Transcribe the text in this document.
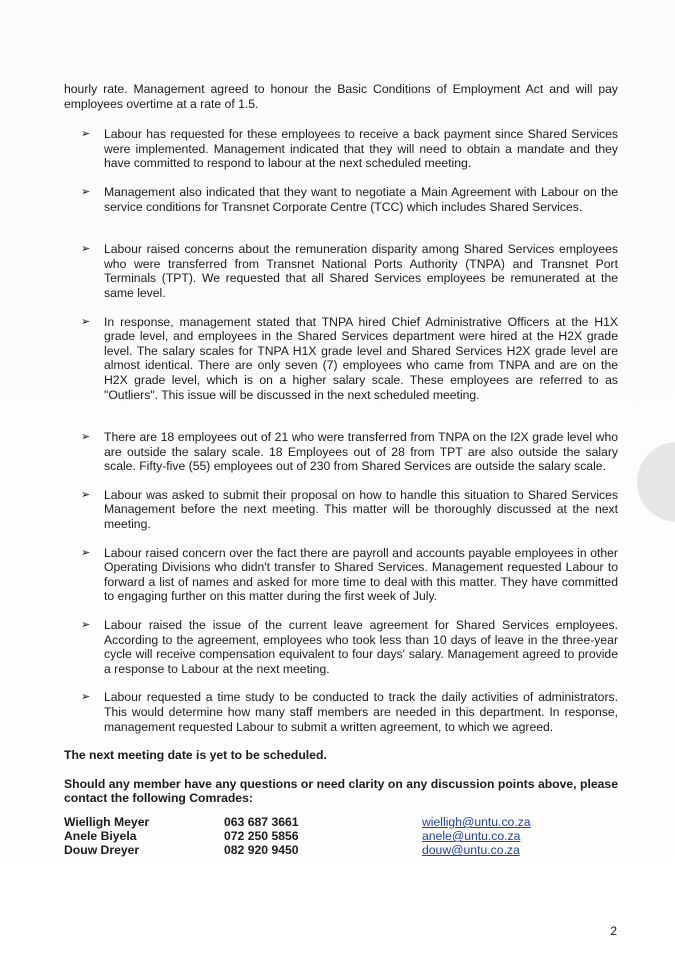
hourly rate. Management agreed to honour the Basic Conditions of Employment Act and will pay employees overtime at a rate of 1.5.

➢ Labour has requested for these employees to receive a back payment since Shared Services were implemented. Management indicated that they will need to obtain a mandate and they have committed to respond to labour at the next scheduled meeting.
➢ Management also indicated that they want to negotiate a Main Agreement with Labour on the service conditions for Transnet Corporate Centre (TCC) which includes Shared Services.
➢ Labour raised concerns about the remuneration disparity among Shared Services employees who were transferred from Transnet National Ports Authority (TNPA) and Transnet Port Terminals (TPT). We requested that all Shared Services employees be remunerated at the same level.
➢ In response, management stated that TNPA hired Chief Administrative Officers at the H1X grade level, and employees in the Shared Services department were hired at the H2X grade level. The salary scales for TNPA H1X grade level and Shared Services H2X grade level are almost identical. There are only seven (7) employees who came from TNPA and are on the H2X grade level, which is on a higher salary scale. These employees are referred to as "Outliers". This issue will be discussed in the next scheduled meeting.
➢ There are 18 employees out of 21 who were transferred from TNPA on the I2X grade level who are outside the salary scale. 18 Employees out of 28 from TPT are also outside the salary scale. Fifty-five (55) employees out of 230 from Shared Services are outside the salary scale.
➢ Labour was asked to submit their proposal on how to handle this situation to Shared Services Management before the next meeting. This matter will be thoroughly discussed at the next meeting.
➢ Labour raised concern over the fact there are payroll and accounts payable employees in other Operating Divisions who didn't transfer to Shared Services. Management requested Labour to forward a list of names and asked for more time to deal with this matter. They have committed to engaging further on this matter during the first week of July.
➢ Labour raised the issue of the current leave agreement for Shared Services employees. According to the agreement, employees who took less than 10 days of leave in the three-year cycle will receive compensation equivalent to four days' salary. Management agreed to provide a response to Labour at the next meeting.
➢ Labour requested a time study to be conducted to track the daily activities of administrators. This would determine how many staff members are needed in this department. In response, management requested Labour to submit a written agreement, to which we agreed.

The next meeting date is yet to be scheduled.

Should any member have any questions or need clarity on any discussion points above, please contact the following Comrades:

Wielligh Meyer	063 687 3661	wielligh@untu.co.za
Anele Biyela	072 250 5856	anele@untu.co.za
Douw Dreyer	082 920 9450	douw@untu.co.za
2
